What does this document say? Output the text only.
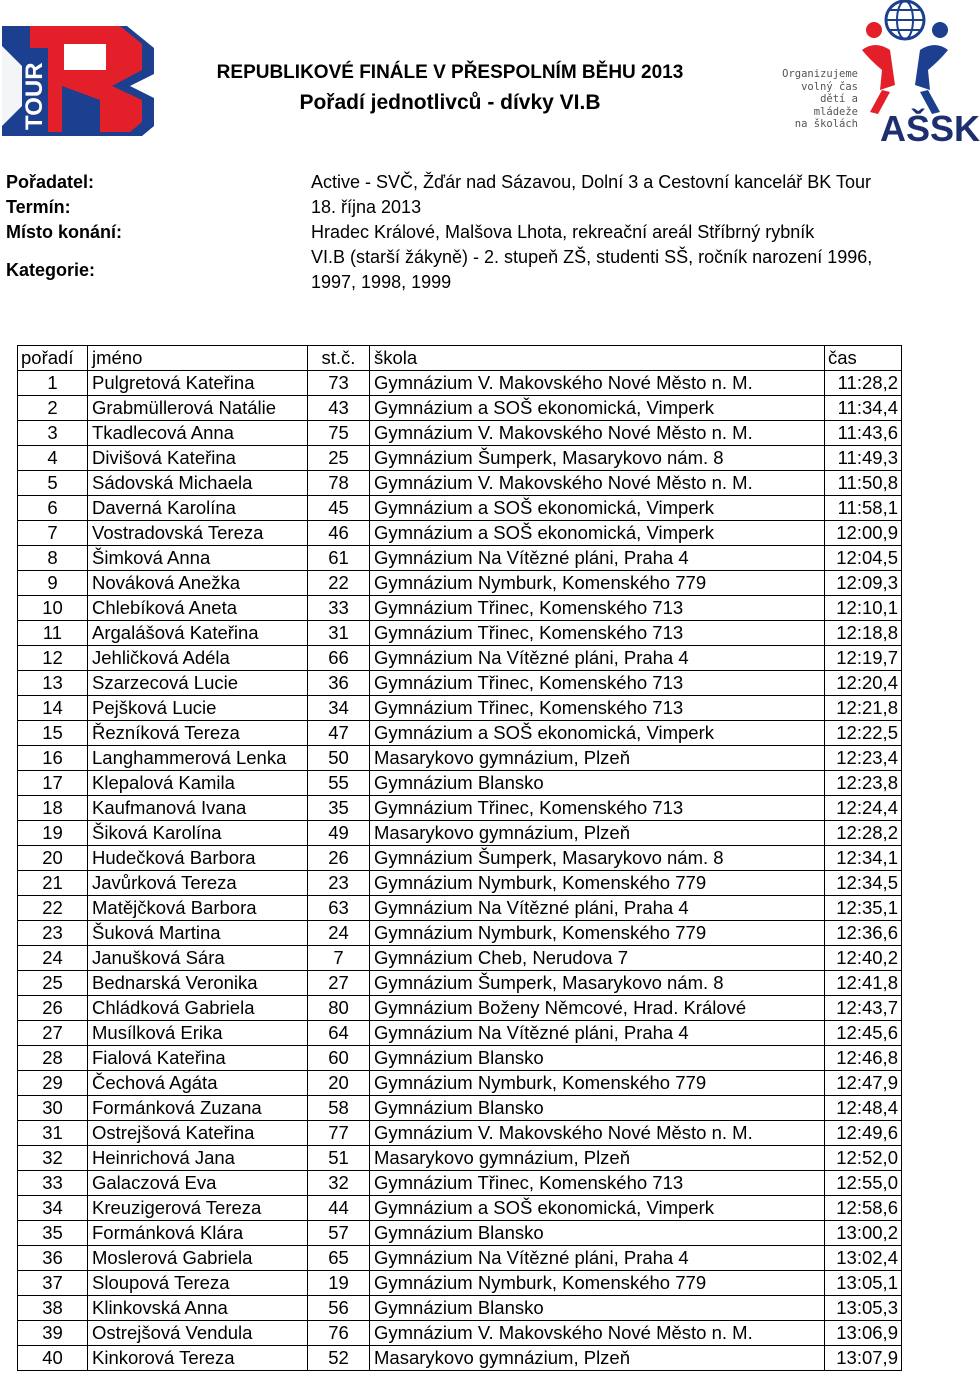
TOUR	Organizujeme
volný čas
dětí a mládeže
na školách AŠSK
REPUBLIKOVÉ FINÁLE V PŘESPOLNÍM BĚHU 2013
Pořadí jednotlivců - dívky VI.B
Pořadatel:	Active - SVČ, Žďár nad Sázavou, Dolní 3 a Cestovní kancelář BK Tour
Termín:	18. října 2013
Místo konání:	Hradec Králové, Malšova Lhota, rekreační areál Stříbrný rybník
Kategorie:
VI.B (starší žákyně) - 2. stupeň ZŠ, studenti SŠ, ročník narození 1996,
1997, 1998, 1999
pořadí	jméno	st.č.	škola	čas
1	Pulgretová Kateřina	73	Gymnázium V. Makovského Nové Město n. M.	11:28,2
2	Grabmüllerová Natálie	43	Gymnázium a SOŠ ekonomická, Vimperk	11:34,4
3	Tkadlecová Anna	75	Gymnázium V. Makovského Nové Město n. M.	11:43,6
4	Divišová Kateřina	25	Gymnázium Šumperk, Masarykovo nám. 8	11:49,3
5	Sádovská Michaela	78	Gymnázium V. Makovského Nové Město n. M.	11:50,8
6	Daverná Karolína	45	Gymnázium a SOŠ ekonomická, Vimperk	11:58,1
7	Vostradovská Tereza	46	Gymnázium a SOŠ ekonomická, Vimperk	12:00,9
8	Šimková Anna	61	Gymnázium Na Vítězné pláni, Praha 4	12:04,5
9	Nováková Anežka	22	Gymnázium Nymburk, Komenského 779	12:09,3
10	Chlebíková Aneta	33	Gymnázium Třinec, Komenského 713	12:10,1
11	Argalášová Kateřina	31	Gymnázium Třinec, Komenského 713	12:18,8
12	Jehličková Adéla	66	Gymnázium Na Vítězné pláni, Praha 4	12:19,7
13	Szarzecová Lucie	36	Gymnázium Třinec, Komenského 713	12:20,4
14	Pejšková Lucie	34	Gymnázium Třinec, Komenského 713	12:21,8
15	Řezníková Tereza	47	Gymnázium a SOŠ ekonomická, Vimperk	12:22,5
16	Langhammerová Lenka	50	Masarykovo gymnázium, Plzeň	12:23,4
17	Klepalová Kamila	55	Gymnázium Blansko	12:23,8
18	Kaufmanová Ivana	35	Gymnázium Třinec, Komenského 713	12:24,4
19	Šiková Karolína	49	Masarykovo gymnázium, Plzeň	12:28,2
20	Hudečková Barbora	26	Gymnázium Šumperk, Masarykovo nám. 8	12:34,1
21	Javůrková Tereza	23	Gymnázium Nymburk, Komenského 779	12:34,5
22	Matějčková Barbora	63	Gymnázium Na Vítězné pláni, Praha 4	12:35,1
23	Šuková Martina	24	Gymnázium Nymburk, Komenského 779	12:36,6
24	Janušková Sára	7	Gymnázium Cheb, Nerudova 7	12:40,2
25	Bednarská Veronika	27	Gymnázium Šumperk, Masarykovo nám. 8	12:41,8
26	Chládková Gabriela	80	Gymnázium Boženy Němcové, Hrad. Králové	12:43,7
27	Musílková Erika	64	Gymnázium Na Vítězné pláni, Praha 4	12:45,6
28	Fialová Kateřina	60	Gymnázium Blansko	12:46,8
29	Čechová Agáta	20	Gymnázium Nymburk, Komenského 779	12:47,9
30	Formánková Zuzana	58	Gymnázium Blansko	12:48,4
31	Ostrejšová Kateřina	77	Gymnázium V. Makovského Nové Město n. M.	12:49,6
32	Heinrichová Jana	51	Masarykovo gymnázium, Plzeň	12:52,0
33	Galaczová Eva	32	Gymnázium Třinec, Komenského 713	12:55,0
34	Kreuzigerová Tereza	44	Gymnázium a SOŠ ekonomická, Vimperk	12:58,6
35	Formánková Klára	57	Gymnázium Blansko	13:00,2
36	Moslerová Gabriela	65	Gymnázium Na Vítězné pláni, Praha 4	13:02,4
37	Sloupová Tereza	19	Gymnázium Nymburk, Komenského 779	13:05,1
38	Klinkovská Anna	56	Gymnázium Blansko	13:05,3
39	Ostrejšová Vendula	76	Gymnázium V. Makovského Nové Město n. M.	13:06,9
40	Kinkorová Tereza	52	Masarykovo gymnázium, Plzeň	13:07,9
